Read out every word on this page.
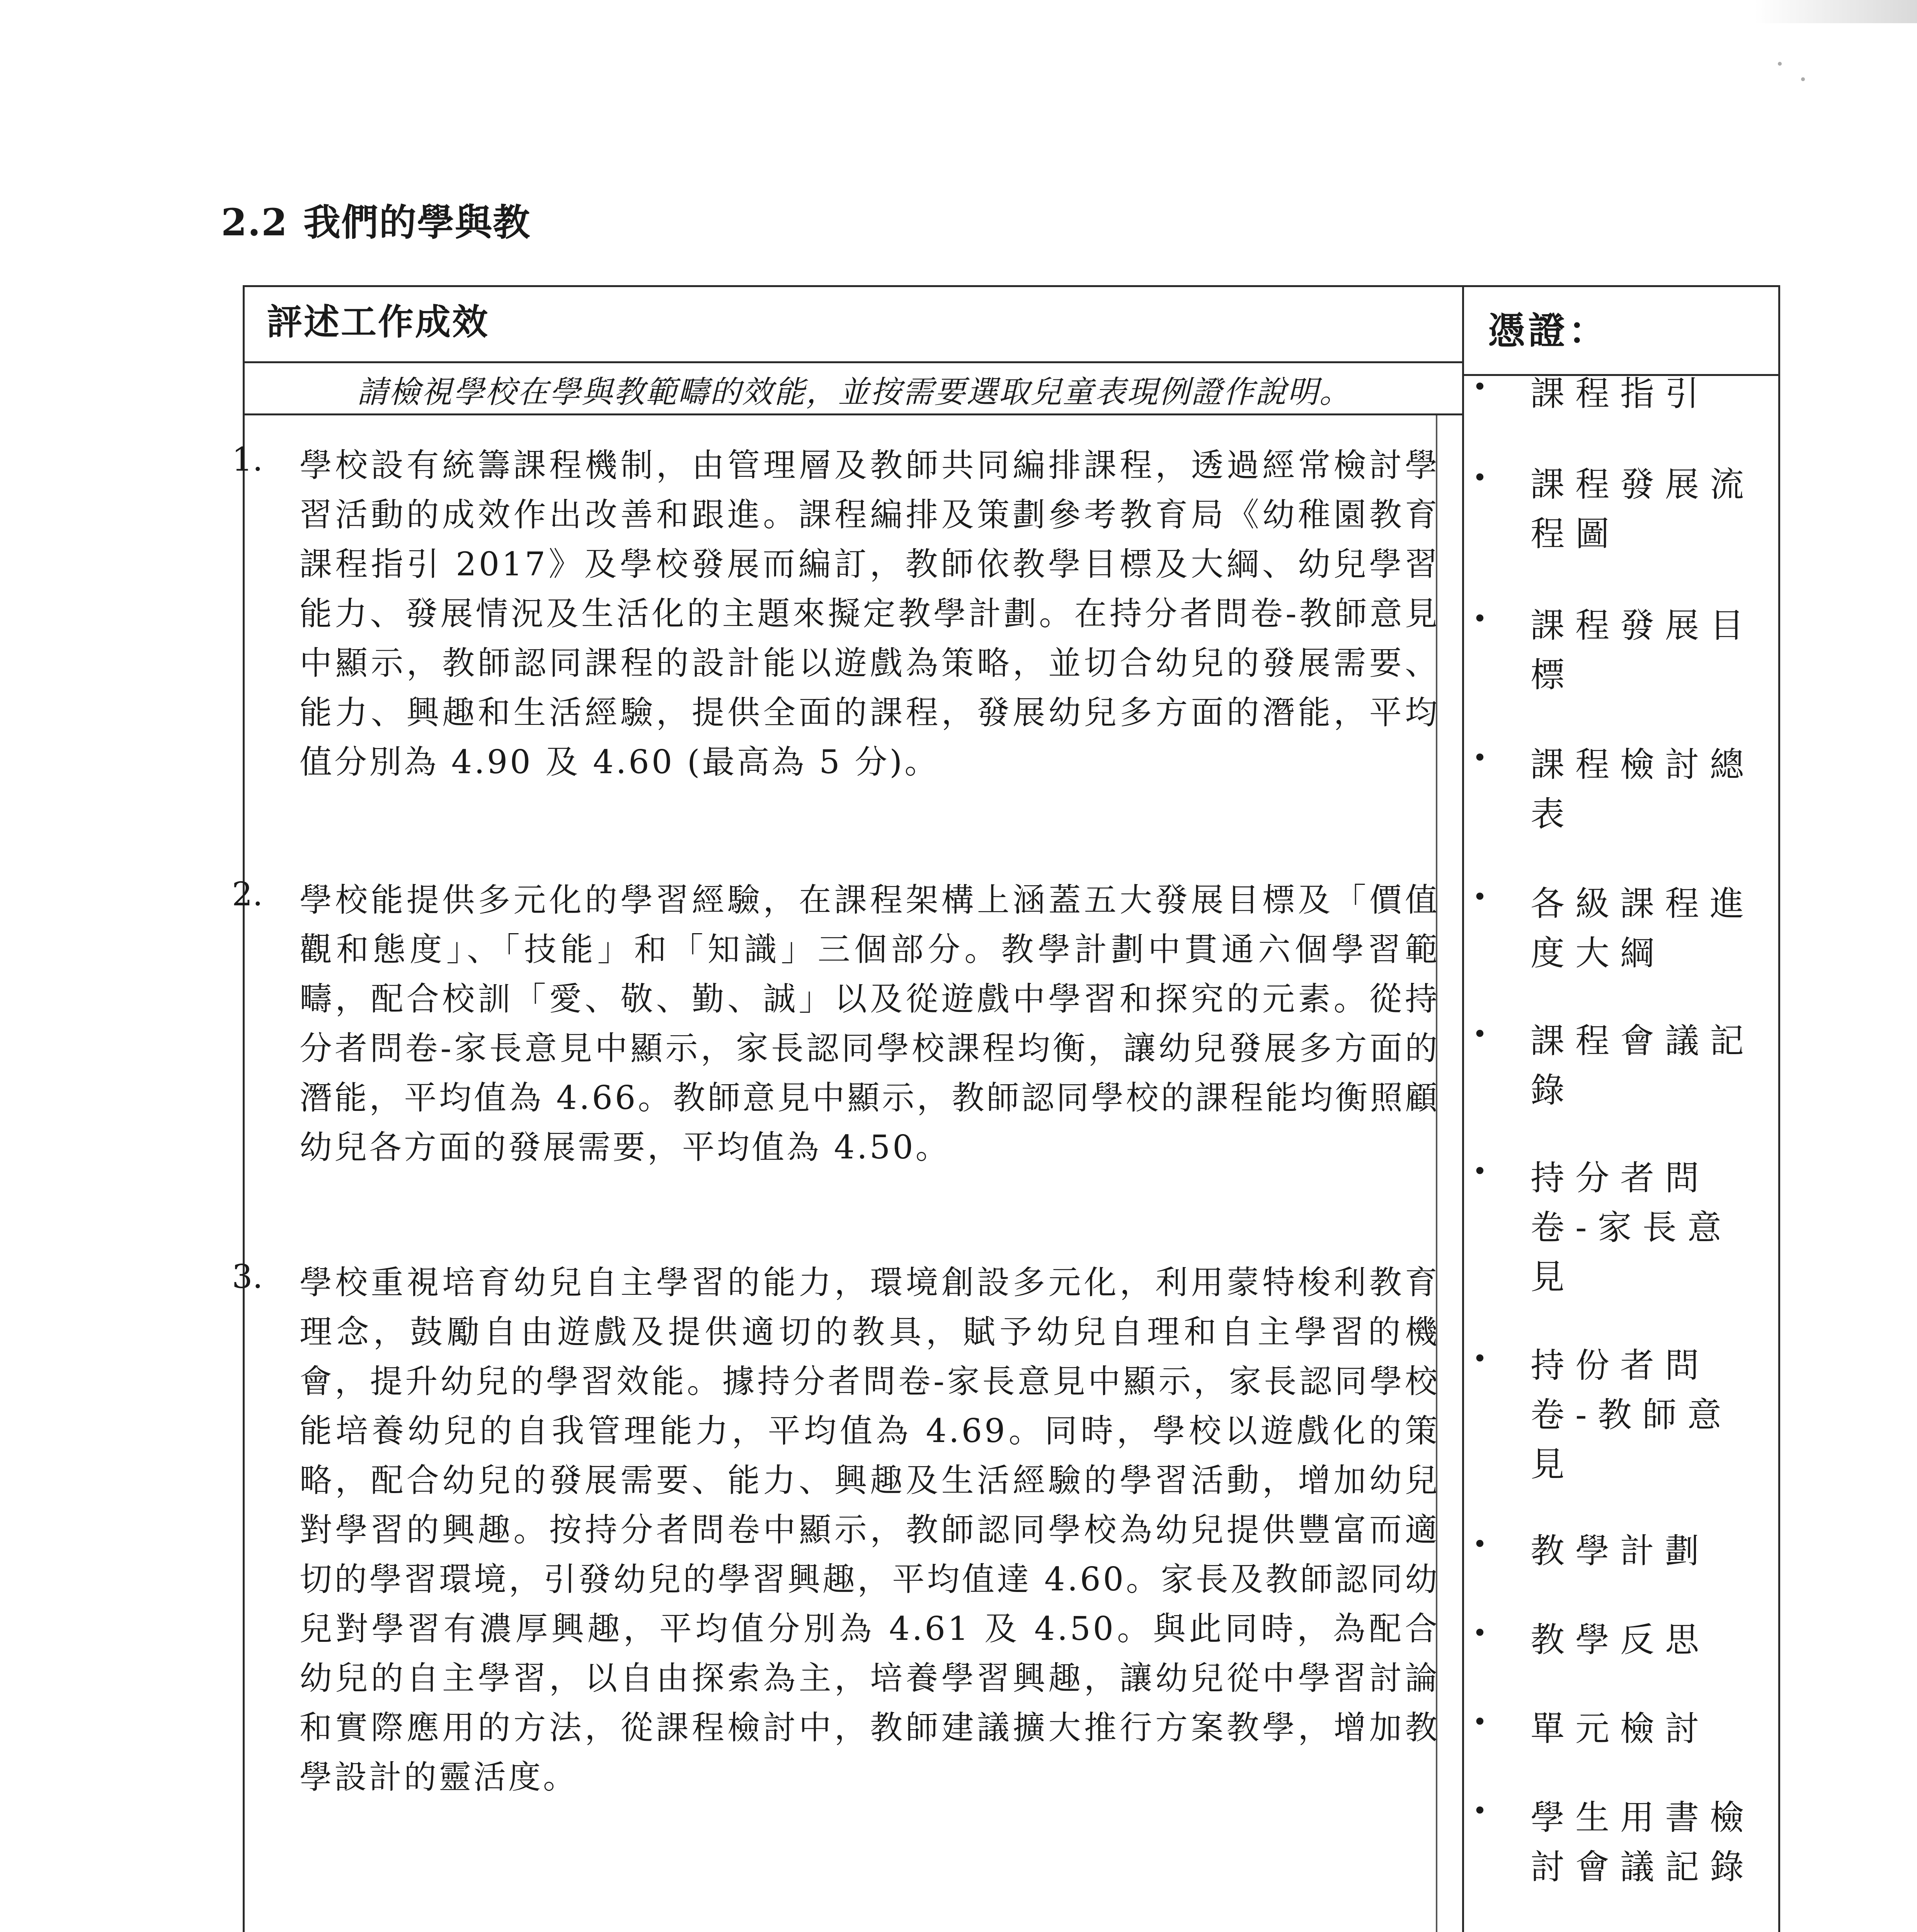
2.2 我們的學與教
評述工作成效	憑證：
請檢視學校在學與教範疇的效能，並按需要選取兒童表現例證作說明。
1. 學校設有統籌課程機制，由管理層及教師共同編排課程，透過經常檢討學習活動的成效作出改善和跟進。課程編排及策劃參考教育局《幼稚園教育課程指引 2017》及學校發展而編訂，教師依教學目標及大綱、幼兒學習能力、發展情況及生活化的主題來擬定教學計劃。在持分者問卷-教師意見中顯示，教師認同課程的設計能以遊戲為策略，並切合幼兒的發展需要、能力、興趣和生活經驗，提供全面的課程，發展幼兒多方面的潛能，平均值分別為 4.90 及 4.60 (最高為 5 分)。
2. 學校能提供多元化的學習經驗，在課程架構上涵蓋五大發展目標及「價值觀和態度」、「技能」和「知識」三個部分。教學計劃中貫通六個學習範疇，配合校訓「愛、敬、勤、誠」以及從遊戲中學習和探究的元素。從持分者問卷-家長意見中顯示，家長認同學校課程均衡，讓幼兒發展多方面的潛能，平均值為 4.66。教師意見中顯示，教師認同學校的課程能均衡照顧幼兒各方面的發展需要，平均值為 4.50。
3. 學校重視培育幼兒自主學習的能力，環境創設多元化，利用蒙特梭利教育理念，鼓勵自由遊戲及提供適切的教具，賦予幼兒自理和自主學習的機會，提升幼兒的學習效能。據持分者問卷-家長意見中顯示，家長認同學校能培養幼兒的自我管理能力，平均值為 4.69。同時，學校以遊戲化的策略，配合幼兒的發展需要、能力、興趣及生活經驗的學習活動，增加幼兒對學習的興趣。按持分者問卷中顯示，教師認同學校為幼兒提供豐富而適切的學習環境，引發幼兒的學習興趣，平均值達 4.60。家長及教師認同幼兒對學習有濃厚興趣，平均值分別為 4.61 及 4.50。與此同時，為配合幼兒的自主學習，以自由探索為主，培養學習興趣，讓幼兒從中學習討論和實際應用的方法，從課程檢討中，教師建議擴大推行方案教學，增加教學設計的靈活度。
• 課程指引
• 課程發展流程圖
• 課程發展目標
• 課程檢討總表
• 各級課程進度大綱
• 課程會議記錄
• 持分者問卷-家長意見
• 持份者問卷-教師意見
• 教學計劃
• 教學反思
• 單元檢討
• 學生用書檢討會議記錄
